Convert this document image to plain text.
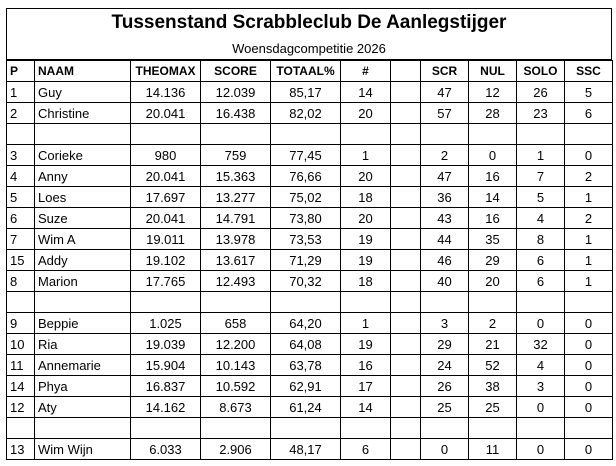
Tussenstand Scrabbleclub De Aanlegstijger
Woensdagcompetitie 2026
P	NAAM	THEOMAX	SCORE	TOTAAL%	#		SCR	NUL	SOLO	SSC
1	Guy	14.136	12.039	85,17	14		47	12	26	5
2	Christine	20.041	16.438	82,02	20		57	28	23	6

3	Corieke	980	759	77,45	1		2	0	1	0
4	Anny	20.041	15.363	76,66	20		47	16	7	2
5	Loes	17.697	13.277	75,02	18		36	14	5	1
6	Suze	20.041	14.791	73,80	20		43	16	4	2
7	Wim A	19.011	13.978	73,53	19		44	35	8	1
15	Addy	19.102	13.617	71,29	19		46	29	6	1
8	Marion	17.765	12.493	70,32	18		40	20	6	1

9	Beppie	1.025	658	64,20	1		3	2	0	0
10	Ria	19.039	12.200	64,08	19		29	21	32	0
11	Annemarie	15.904	10.143	63,78	16		24	52	4	0
14	Phya	16.837	10.592	62,91	17		26	38	3	0
12	Aty	14.162	8.673	61,24	14		25	25	0	0

13	Wim Wijn	6.033	2.906	48,17	6		0	11	0	0
